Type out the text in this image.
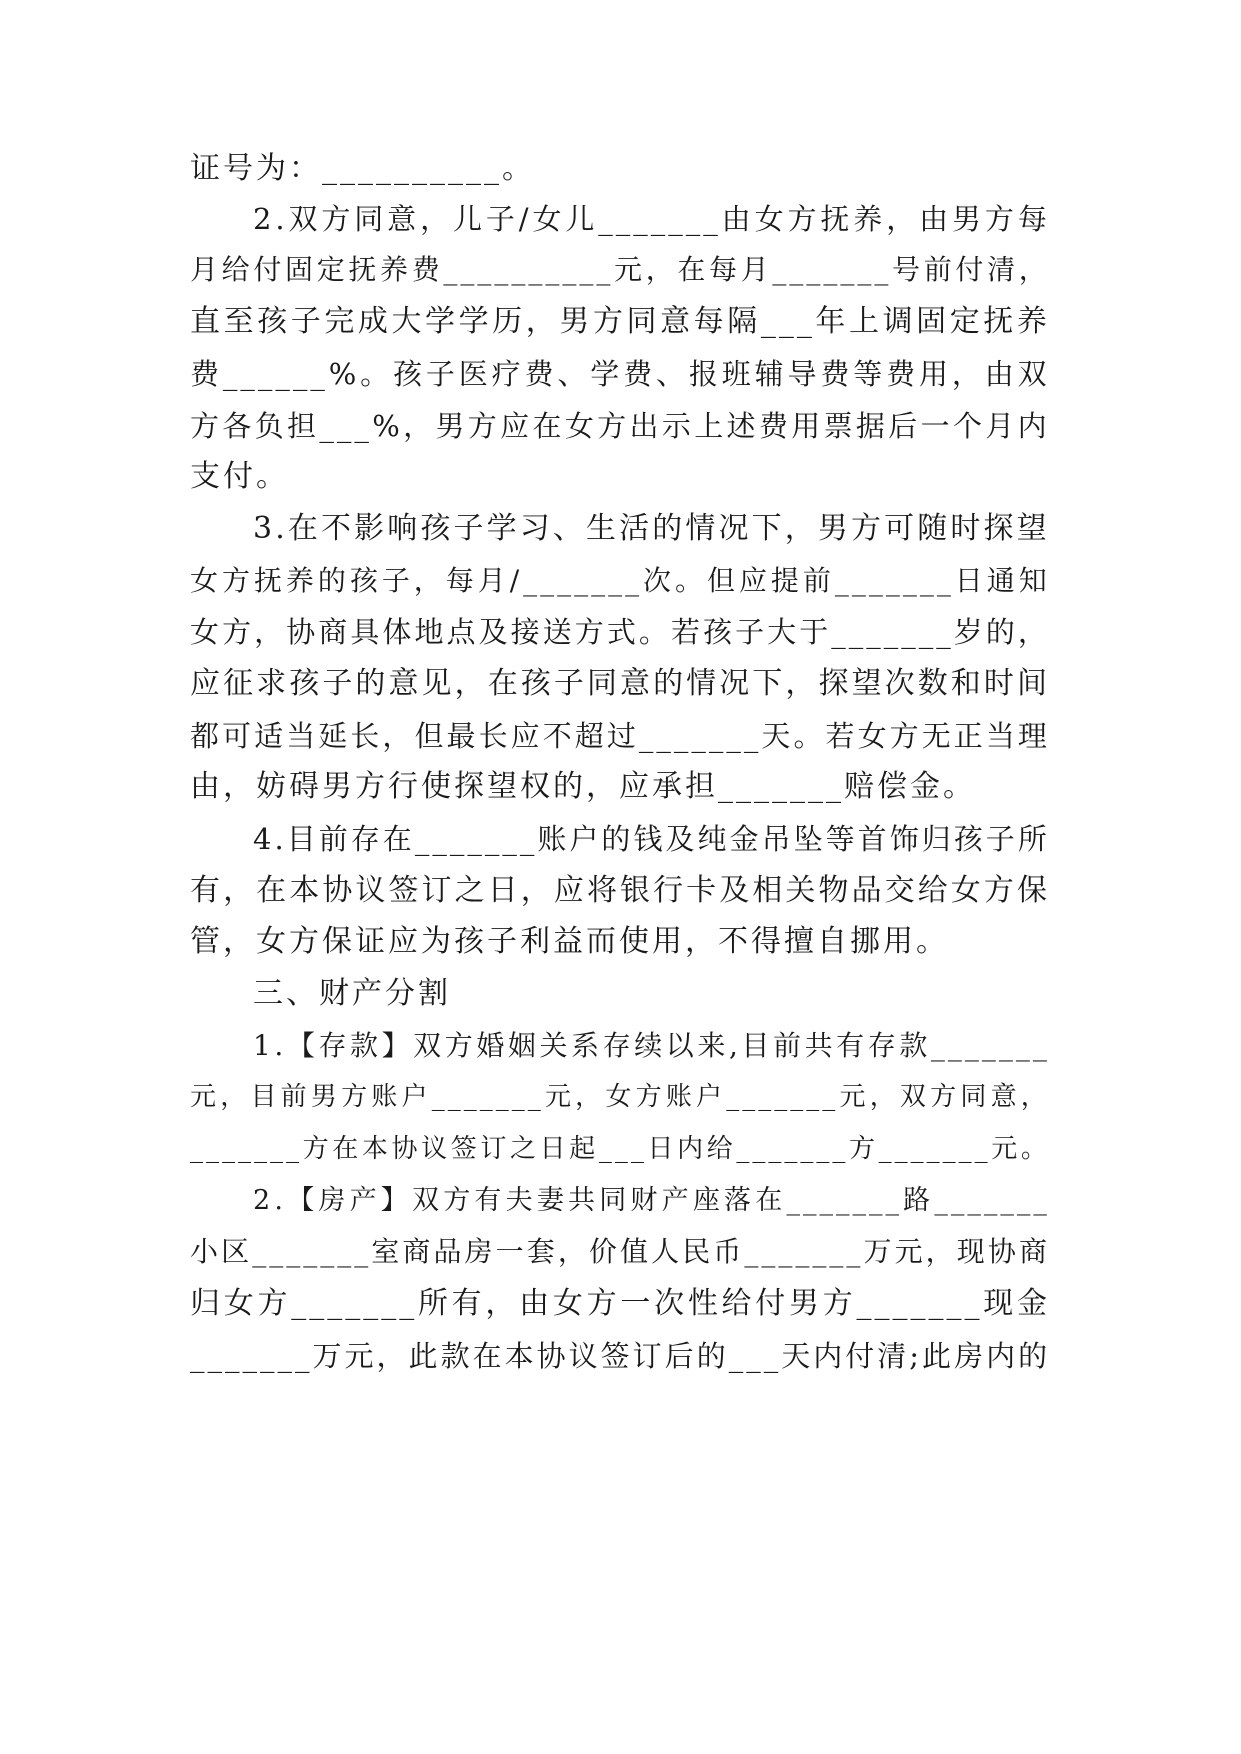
证号为：__________。
2 . 双 方 同 意 ， 儿 子 / 女 儿 _______ 由 女 方 抚 养 ， 由 男 方 每
月 给 付 固 定 抚 养 费 __________ 元 ， 在 每 月 _______ 号 前 付 清 ，
直 至 孩 子 完 成 大 学 学 历 ， 男 方 同 意 每 隔 ___ 年 上 调 固 定 抚 养
费 ______ % 。 孩 子 医 疗 费 、 学 费 、 报 班 辅 导 费 等 费 用 ， 由 双
方 各 负 担 ___ % ， 男 方 应 在 女 方 出 示 上 述 费 用 票 据 后 一 个 月 内
支付。
3 . 在 不 影 响 孩 子 学 习 、 生 活 的 情 况 下 ， 男 方 可 随 时 探 望
女 方 抚 养 的 孩 子 ， 每 月 / _______ 次 。 但 应 提 前 _______ 日 通 知
女 方 ， 协 商 具 体 地 点 及 接 送 方 式 。 若 孩 子 大 于 _______ 岁 的 ，
应 征 求 孩 子 的 意 见 ， 在 孩 子 同 意 的 情 况 下 ， 探 望 次 数 和 时 间
都 可 适 当 延 长 ， 但 最 长 应 不 超 过 _______ 天 。 若 女 方 无 正 当 理
由，妨碍男方行使探望权的，应承担_______赔偿金。
4 . 目 前 存 在 _______ 账 户 的 钱 及 纯 金 吊 坠 等 首 饰 归 孩 子 所
有 ， 在 本 协 议 签 订 之 日 ， 应 将 银 行 卡 及 相 关 物 品 交 给 女 方 保
管，女方保证应为孩子利益而使用，不得擅自挪用。
三、财产分割
1 . 【 存 款 】 双 方 婚 姻 关 系 存 续 以 来 , 目 前 共 有 存 款 _______
元 ， 目 前 男 方 账 户 _______ 元 ， 女 方 账 户 _______ 元 ， 双 方 同 意 ，
_______ 方 在 本 协 议 签 订 之 日 起 ___ 日 内 给 _______ 方 _______ 元 。
2 . 【 房 产 】 双 方 有 夫 妻 共 同 财 产 座 落 在 _______ 路 _______
小 区 _______ 室 商 品 房 一 套 ， 价 值 人 民 币 _______ 万 元 ， 现 协 商
归 女 方 _______ 所 有 ， 由 女 方 一 次 性 给 付 男 方 _______ 现 金
_______ 万 元 ， 此 款 在 本 协 议 签 订 后 的 ___ 天 内 付 清 ; 此 房 内 的
